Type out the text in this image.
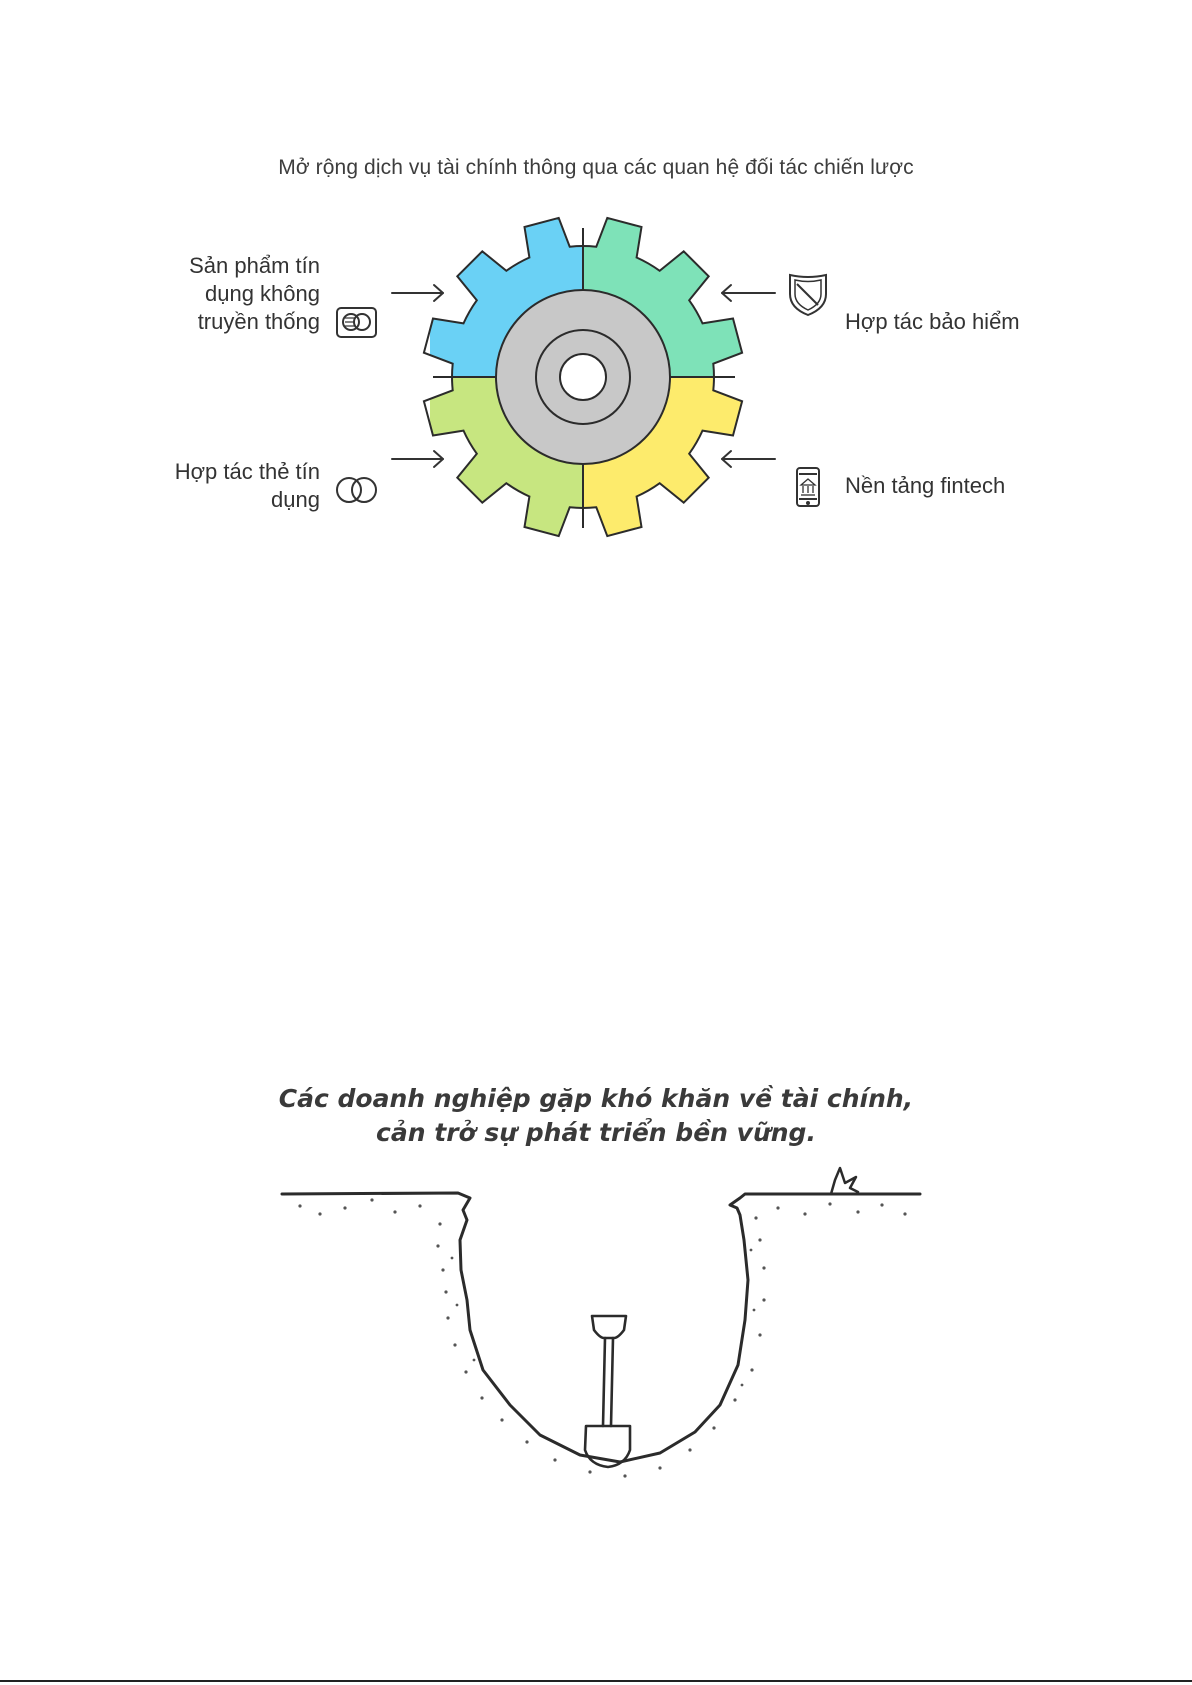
Mở rộng dịch vụ tài chính thông qua các quan hệ đối tác chiến lược
Sản phẩm tín
dụng không
truyền thống	Hợp tác bảo hiểm
Hợp tác thẻ tín
dụng
Nền tảng fintech
Các doanh nghiệp gặp khó khăn về tài chính,
cản trở sự phát triển bền vững.
